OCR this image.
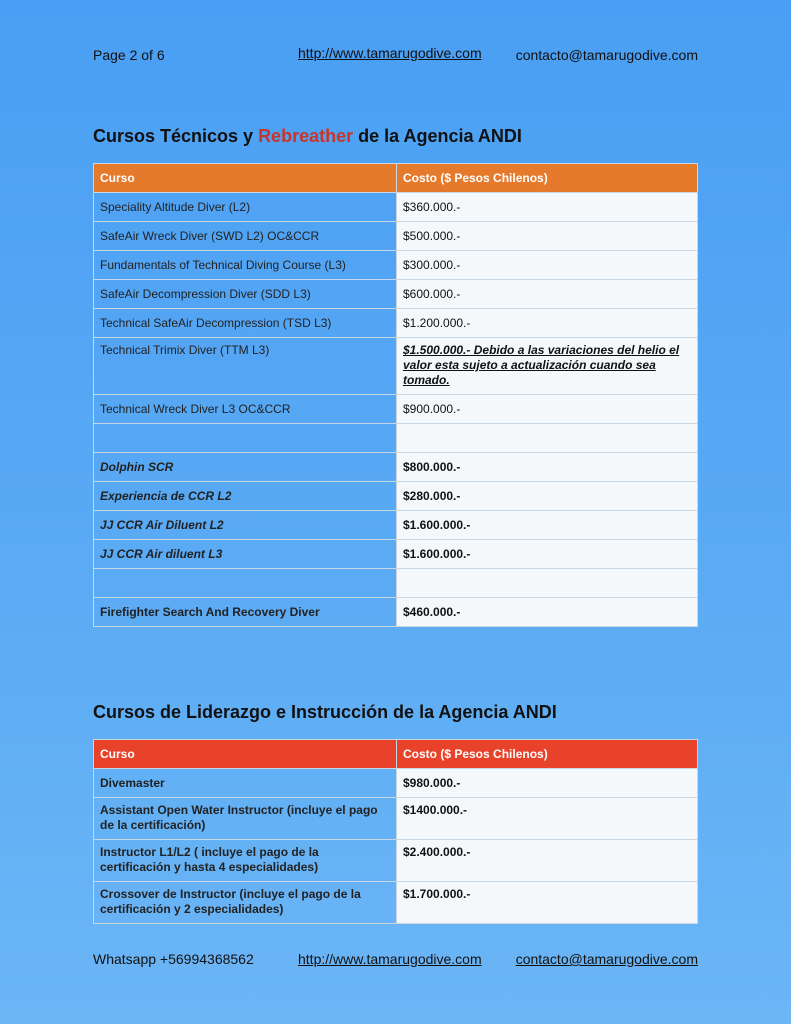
Page 2 of 6	http://www.tamarugodive.com contacto@tamarugodive.com
Cursos Técnicos y Rebreather de la Agencia ANDI
Curso	Costo ($ Pesos Chilenos)
Speciality Altitude Diver (L2)	$360.000.-
SafeAir Wreck Diver (SWD L2) OC&CCR	$500.000.-
Fundamentals of Technical Diving Course (L3)	$300.000.-
SafeAir Decompression Diver (SDD L3)	$600.000.-
Technical SafeAir Decompression (TSD L3)	$1.200.000.-
Technical Trimix Diver (TTM L3)	$1.500.000.- Debido a las variaciones del helio el valor esta sujeto a actualización cuando sea tomado.
Technical Wreck Diver L3 OC&CCR	$900.000.-

Dolphin SCR	$800.000.-
Experiencia de CCR L2	$280.000.-
JJ CCR Air Diluent L2	$1.600.000.-
JJ CCR Air diluent L3	$1.600.000.-

Firefighter Search And Recovery Diver	$460.000.-
Cursos de Liderazgo e Instrucción de la Agencia ANDI
Curso	Costo ($ Pesos Chilenos)
Divemaster	$980.000.-
Assistant Open Water Instructor (incluye el pago de la certificación)	$1400.000.-
Instructor L1/L2 ( incluye el pago de la certificación y hasta 4 especialidades)	$2.400.000.-
Crossover de Instructor (incluye el pago de la certificación y 2 especialidades)	$1.700.000.-
Whatsapp +56994368562	http://www.tamarugodive.com contacto@tamarugodive.com
